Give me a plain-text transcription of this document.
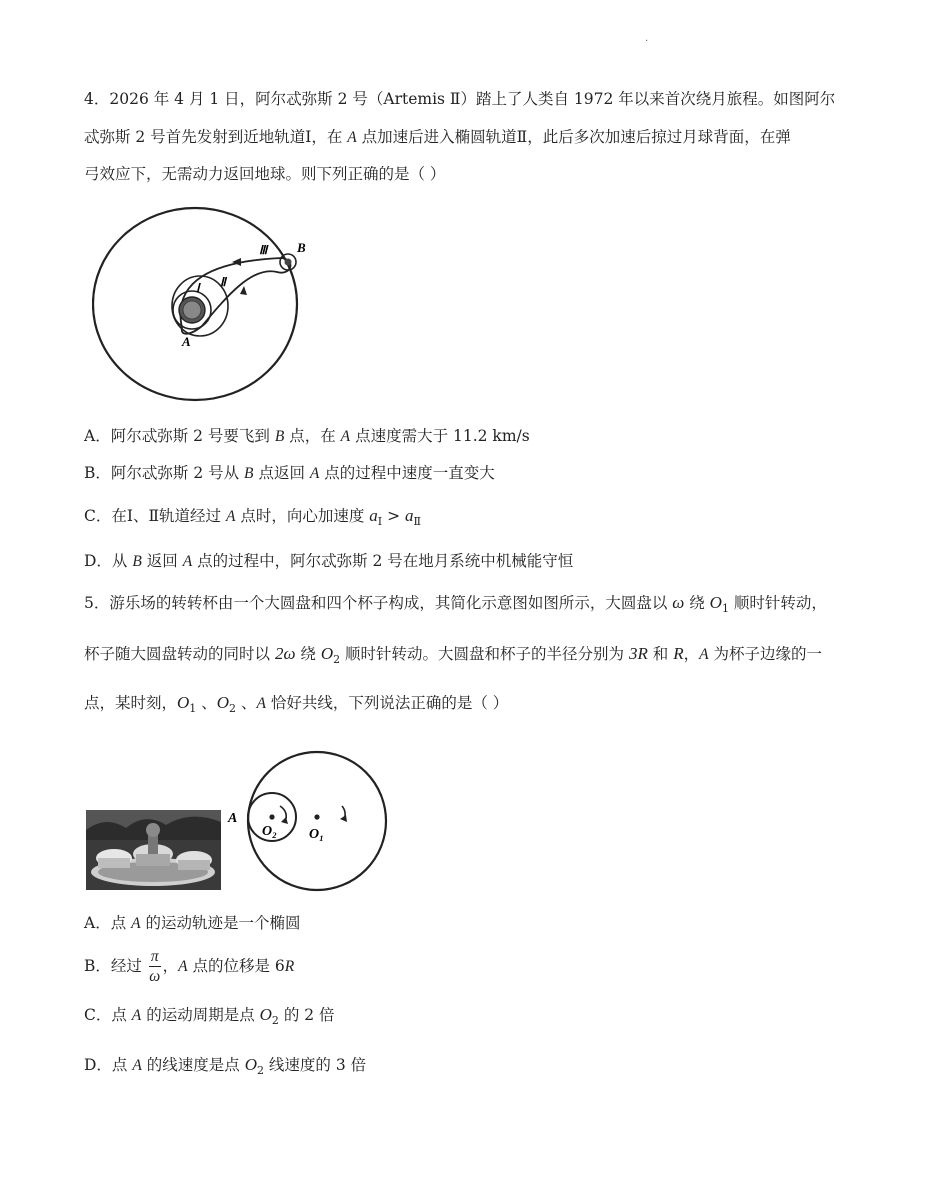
·
4．2026 年 4 月 1 日，阿尔忒弥斯 2 号（Artemis Ⅱ）踏上了人类自 1972 年以来首次绕月旅程。如图阿尔
忒弥斯 2 号首先发射到近地轨道Ⅰ，在 A 点加速后进入椭圆轨道Ⅱ，此后多次加速后掠过月球背面，在弹
弓效应下，无需动力返回地球。则下列正确的是（ ）
A
B
Ⅰ Ⅱ
Ⅲ
A．阿尔忒弥斯 2 号要飞到 B 点，在 A 点速度需大于 11.2 km/s
B．阿尔忒弥斯 2 号从 B 点返回 A 点的过程中速度一直变大
C．在Ⅰ、Ⅱ轨道经过 A 点时，向心加速度 $a_Ⅰ > a_Ⅱ$
D．从 B 返回 A 点的过程中，阿尔忒弥斯 2 号在地月系统中机械能守恒
5．游乐场的转转杯由一个大圆盘和四个杯子构成，其简化示意图如图所示，大圆盘以 ω 绕 $O_1$ 顺时针转动，
杯子随大圆盘转动的同时以 2ω 绕 $O_2$ 顺时针转动。大圆盘和杯子的半径分别为 3R 和 R，A 为杯子边缘的一
点，某时刻，$O_1$ 、$O_2$ 、A 恰好共线，下列说法正确的是（ ）
A
O₂ O₁
A．点 A 的运动轨迹是一个椭圆
B．经过 $\frac{\pi}{\omega}$ ，A 点的位移是 6R
C．点 A 的运动周期是点 $O_2$ 的 2 倍
D．点 A 的线速度是点 $O_2$ 线速度的 3 倍
